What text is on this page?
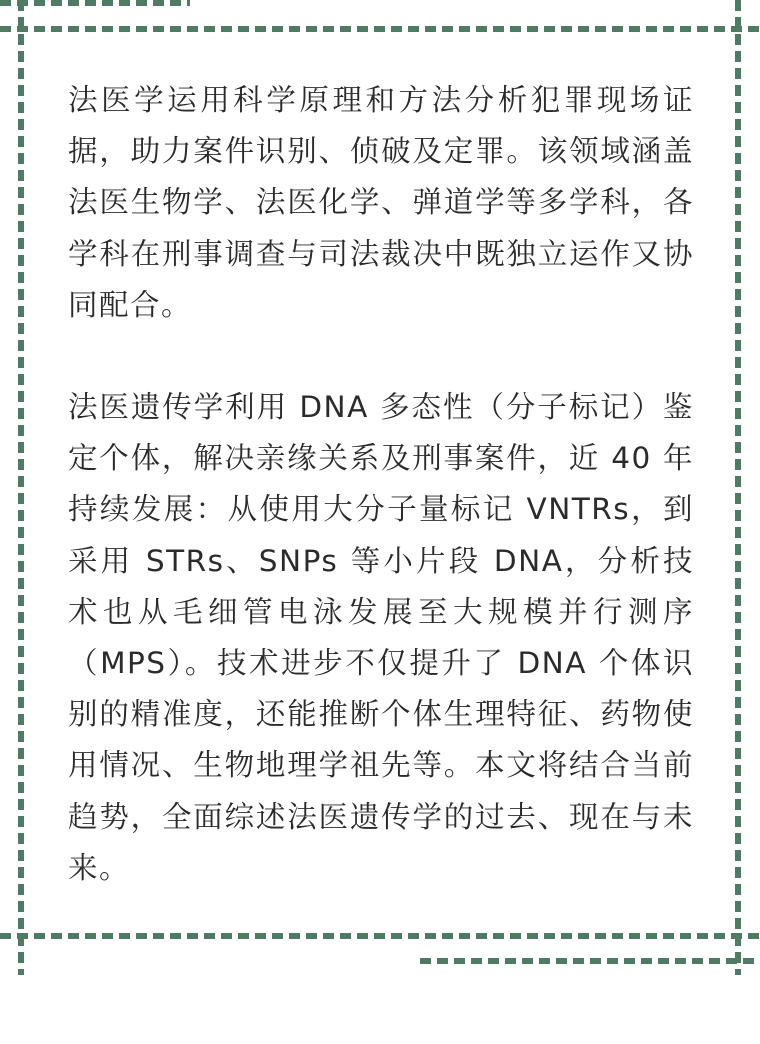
法医学运用科学原理和方法分析犯罪现场证据，助力案件识别、侦破及定罪。该领域涵盖法医生物学、法医化学、弹道学等多学科，各学科在刑事调查与司法裁决中既独立运作又协同配合。

法医遗传学利用 DNA 多态性（分子标记）鉴定个体，解决亲缘关系及刑事案件，近 40 年持续发展：从使用大分子量标记 VNTRs，到采用 STRs、SNPs 等小片段 DNA，分析技术也从毛细管电泳发展至大规模并行测序（MPS）。技术进步不仅提升了 DNA 个体识别的精准度，还能推断个体生理特征、药物使用情况、生物地理学祖先等。本文将结合当前趋势，全面综述法医遗传学的过去、现在与未来。
